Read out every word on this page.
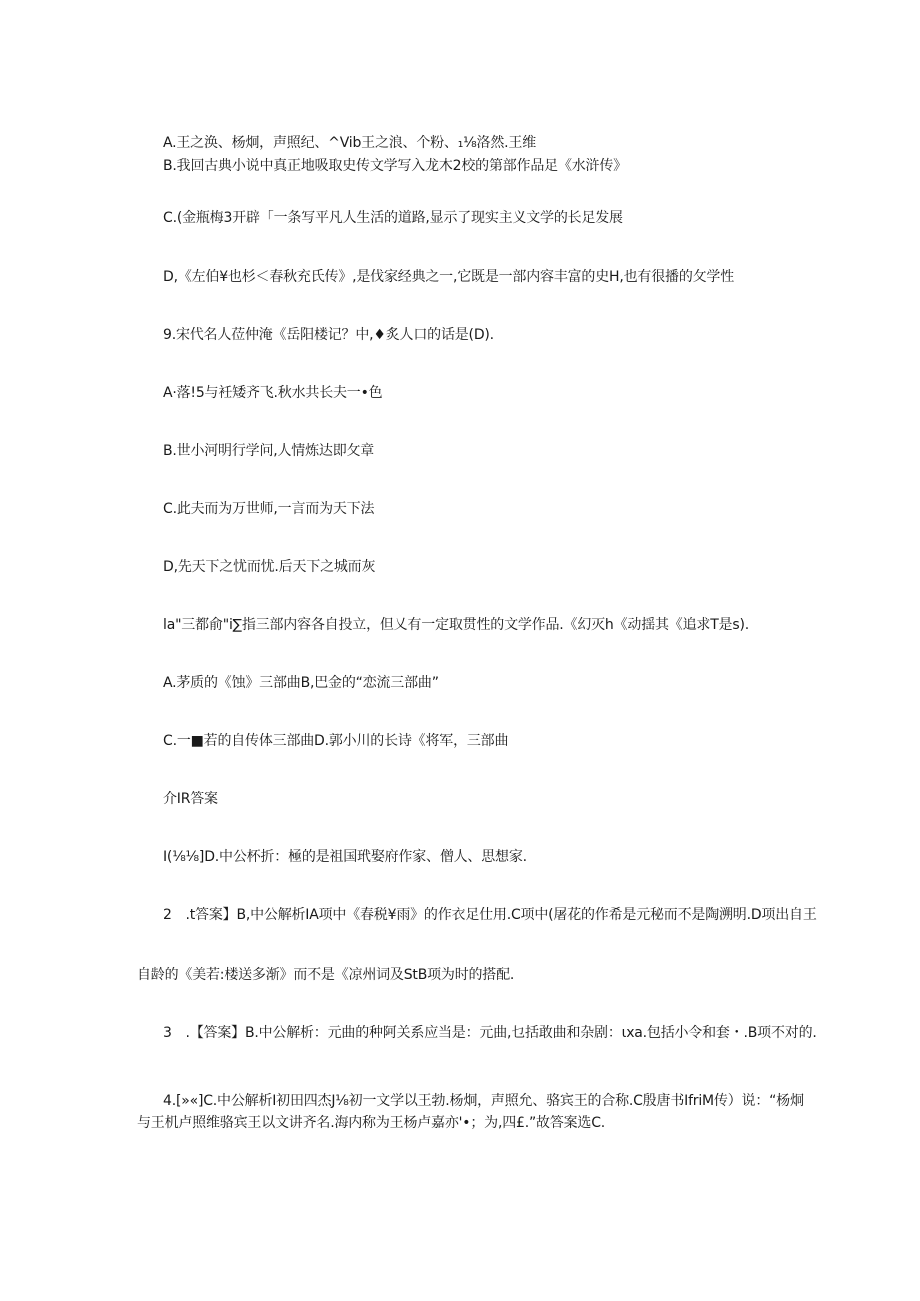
A.王之涣、杨炯，声照纪、^Vib王之浪、个粉、₁⅛洛然.王维
B.我回古典小说中真正地吸取史传文学写入龙木2校的第部作品足《水浒传》
C.(金瓶梅3开辟「一条写平凡人生活的道路,显示了现实主义文学的长足发展
D,《左伯¥也杉＜春秋充氏传》,是伐家经典之一,它既是一部内容丰富的史H,也有很播的攵学性
9.宋代名人莅仲淹《岳阳楼记？中,♦炙人口的话是(D).
A·落!5与衽矮齐飞.秋水共长夫一•色
B.世小河明行学问,人情炼达即攵章
C.此夫而为万世师,一言而为天下法
D,先天下之忧而忧.后天下之城而灰
la"三都俞"i∑指三部内容各自投立，但乂有一定取贯性的文学作品.《幻灭h《动揺其《追求T是s).
A.茅质的《蚀》三部曲B,巴金的“恋流三部曲”
C.一■若的自传体三部曲D.郭小川的长诗《将军，三部曲
介IR答案
I(⅛⅛]D.中公杯折：極的是祖国玳娶府作家、僧人、思想家.
2　.t答案】B,中公解析IA项中《春税¥雨》的作衣足仕用.C项中(屠花的作希是元秘而不是陶溯明.D项出自王
自龄的《美若:楼送多渐》而不是《凉州词及StB项为时的搭配.
3　.【答案】B.中公解析：元曲的种阿关系应当是：元曲,乜括敢曲和杂剧：ιxa.包括小令和套・.B项不对的.
4.[»«]C.中公解析I初田四杰J⅛初一文学以王勃.杨炯，声照允、骆宾王的合称.C殷唐书IfriM传）说：“杨炯
与王机卢照维骆宾王以文讲齐名.海内称为王杨卢嘉亦'•；为,四£.”故答案选C.
